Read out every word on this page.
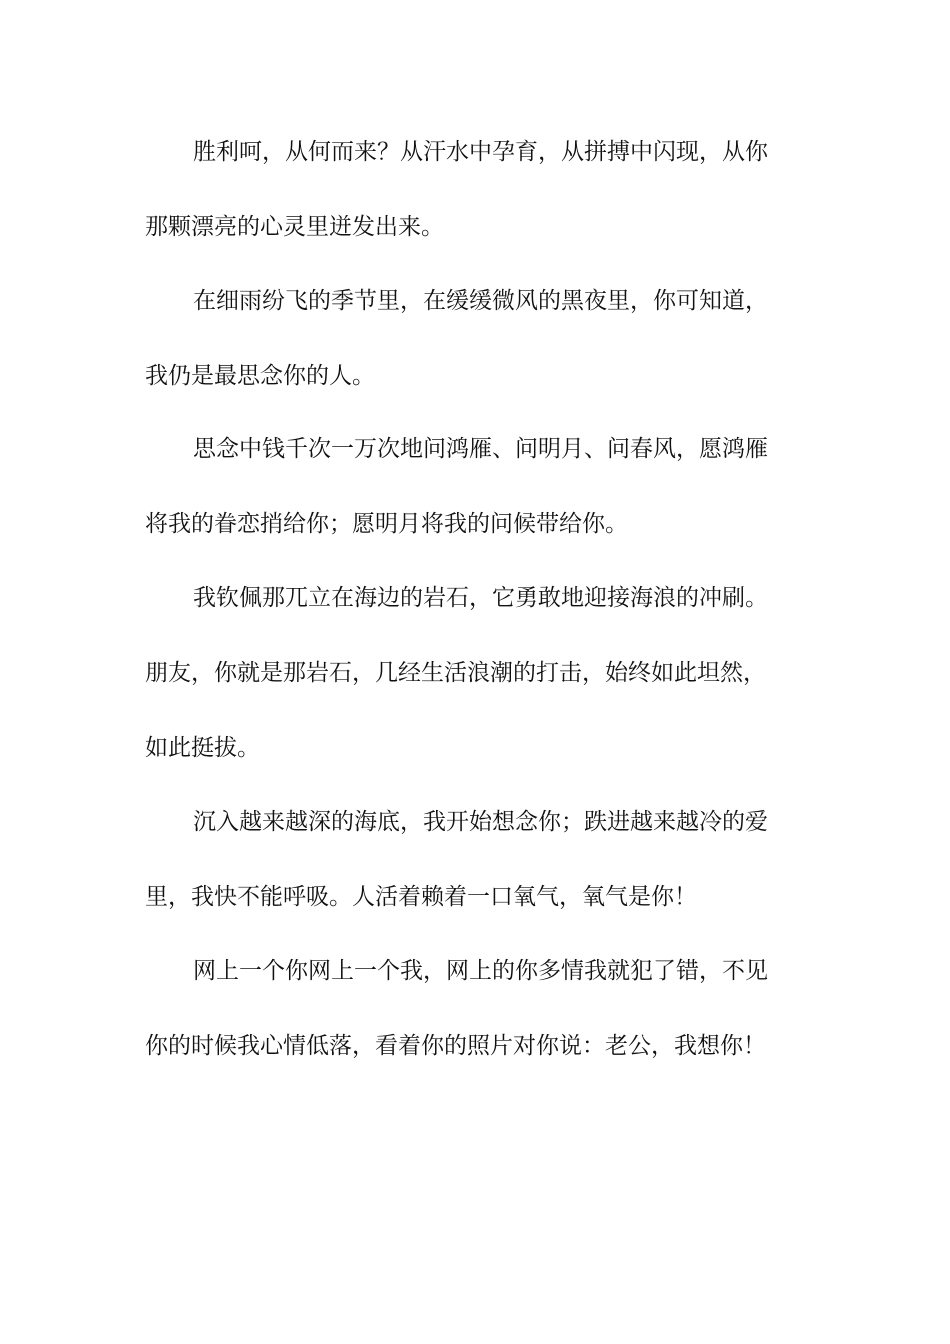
胜利呵，从何而来？从汗水中孕育，从拼搏中闪现，从你
那颗漂亮的心灵里迸发出来。
在细雨纷飞的季节里，在缓缓微风的黑夜里，你可知道，
我仍是最思念你的人。
思念中钱千次一万次地问鸿雁、问明月、问春风，愿鸿雁
将我的眷恋捎给你；愿明月将我的问候带给你。
我钦佩那兀立在海边的岩石，它勇敢地迎接海浪的冲刷。
朋友，你就是那岩石，几经生活浪潮的打击，始终如此坦然，
如此挺拔。
沉入越来越深的海底，我开始想念你；跌进越来越冷的爱
里，我快不能呼吸。人活着赖着一口氧气，氧气是你！
网上一个你网上一个我，网上的你多情我就犯了错，不见
你的时候我心情低落，看着你的照片对你说：老公，我想你！
